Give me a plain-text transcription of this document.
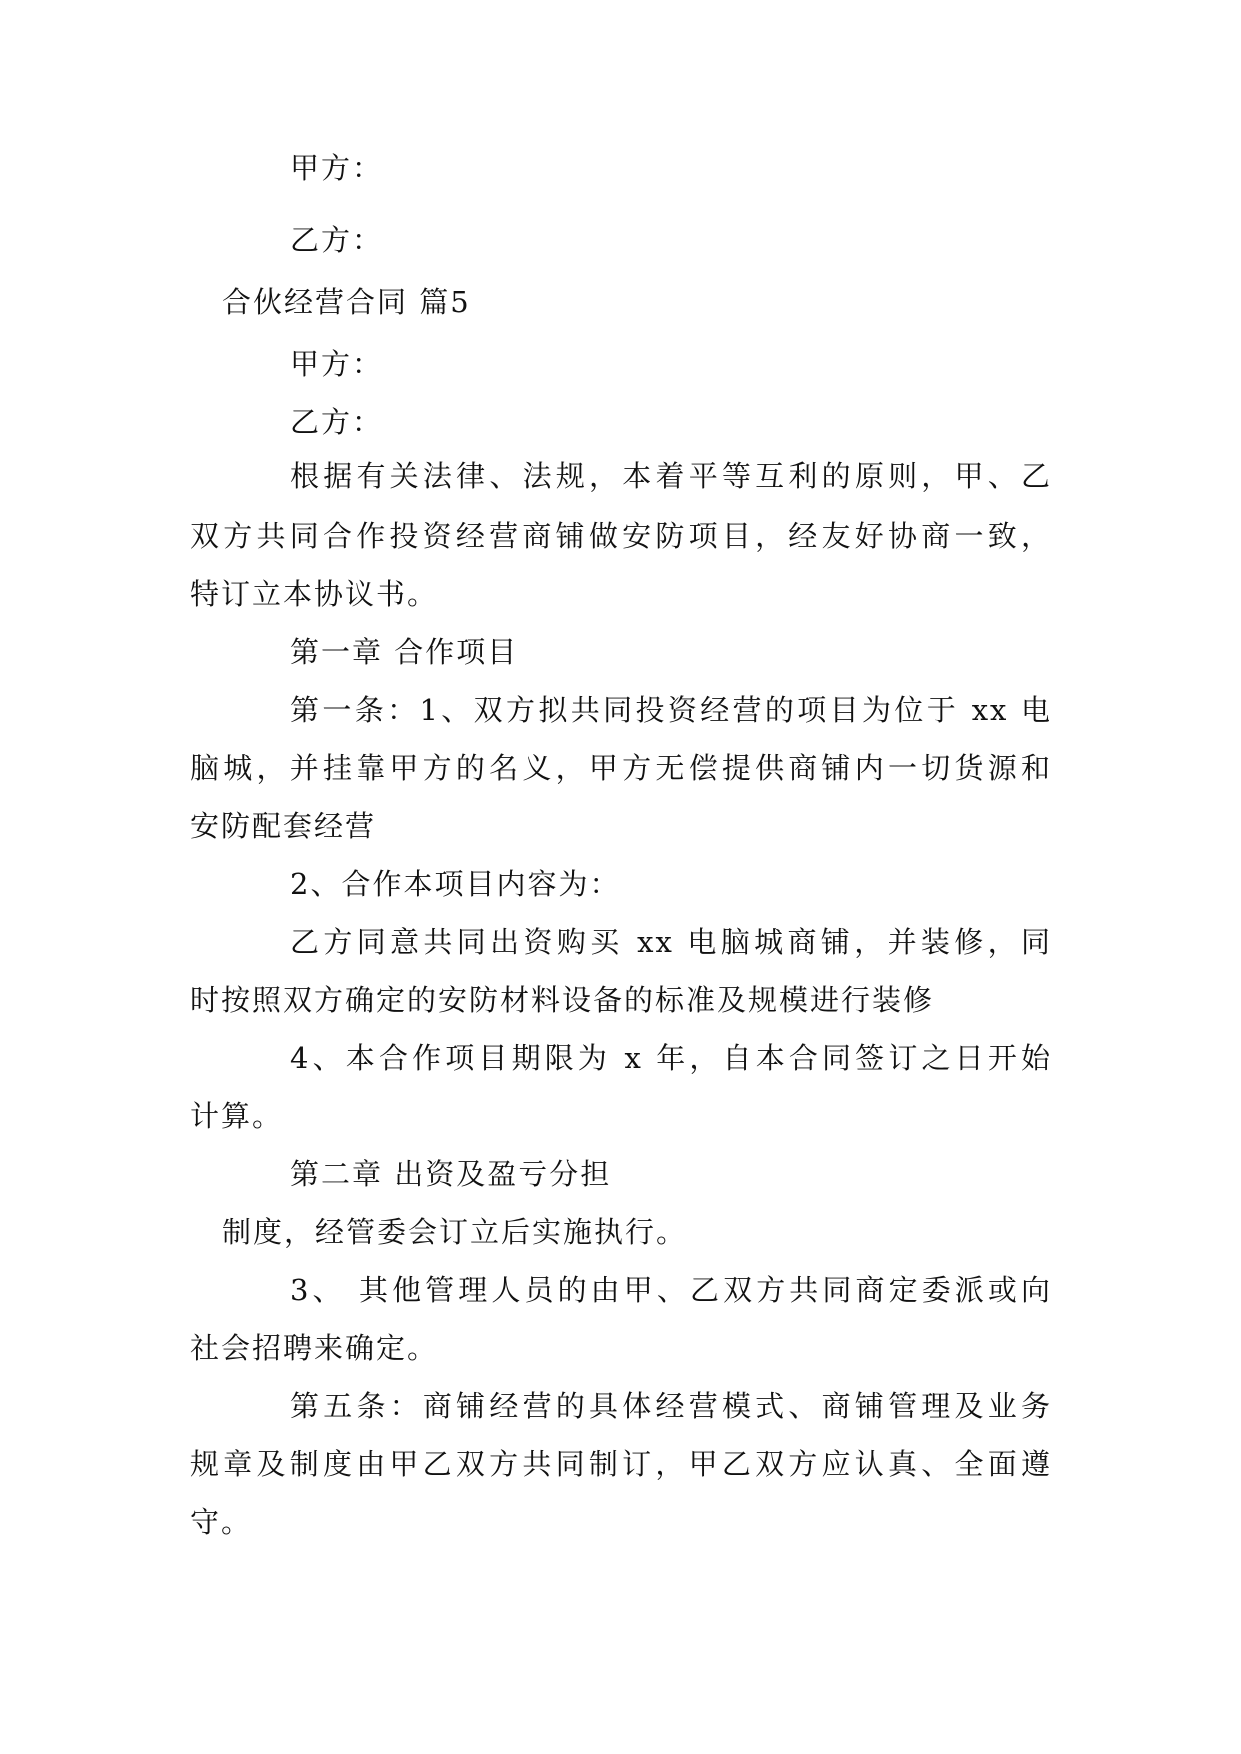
甲方：
乙方：
合伙经营合同 篇5
甲方：
乙方：
根据有关法律、法规，本着平等互利的原则，甲、乙
双方共同合作投资经营商铺做安防项目，经友好协商一致，
特订立本协议书。
第一章 合作项目
第一条：1、双方拟共同投资经营的项目为位于 xx 电
脑城，并挂靠甲方的名义，甲方无偿提供商铺内一切货源和
安防配套经营
2、合作本项目内容为：
乙方同意共同出资购买 xx 电脑城商铺，并装修，同
时按照双方确定的安防材料设备的标准及规模进行装修
4、本合作项目期限为 x 年，自本合同签订之日开始
计算。
第二章 出资及盈亏分担
制度，经管委会订立后实施执行。
3、 其他管理人员的由甲、乙双方共同商定委派或向
社会招聘来确定。
第五条：商铺经营的具体经营模式、商铺管理及业务
规章及制度由甲乙双方共同制订，甲乙双方应认真、全面遵
守。
